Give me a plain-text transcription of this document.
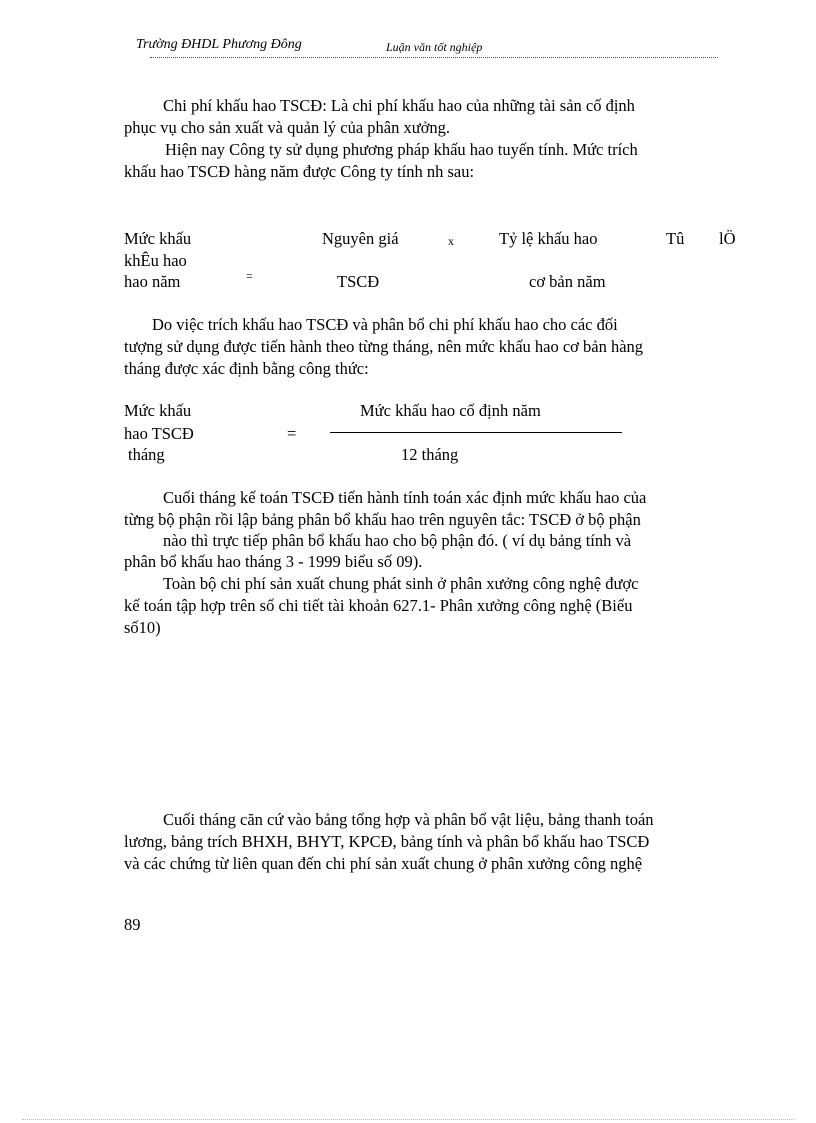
Trường ĐHDL Phương Đông	Luận văn tốt nghiệp
Chi phí khấu hao TSCĐ: Là chi phí khấu hao của những tài sản cố định
phục vụ cho sản xuất và quản lý của phân xưởng.
Hiện nay Công ty sử dụng phương pháp khấu hao tuyến tính. Mức trích
khấu hao TSCĐ hàng năm được Công ty tính nh sau:
Mức khấu
khÊu hao
hao năm	=
Nguyên giá
TSCĐ
x	Tỷ lệ khấu hao
cơ bản năm
Tû lÖ
Do việc trích khấu hao TSCĐ và phân bổ chi phí khấu hao cho các đối
tượng sử dụng được tiến hành theo từng tháng, nên mức khấu hao cơ bản hàng
tháng được xác định bằng công thức:
Mức khấu
hao TSCĐ
tháng
=
Mức khấu hao cố định năm
12 tháng
Cuối tháng kế toán TSCĐ tiến hành tính toán xác định mức khấu hao của
từng bộ phận rồi lập bảng phân bổ khấu hao trên nguyên tắc: TSCĐ ở bộ phận
nào thì trực tiếp phân bổ khấu hao cho bộ phận đó. ( ví dụ bảng tính và
phân bổ khấu hao tháng 3 - 1999 biểu số 09).
Toàn bộ chi phí sản xuất chung phát sinh ở phân xưởng công nghệ được
kế toán tập hợp trên sổ chi tiết tài khoản 627.1- Phân xưởng công nghệ (Biểu
số10)
Cuối tháng căn cứ vào bảng tổng hợp và phân bổ vật liệu, bảng thanh toán
lương, bảng trích BHXH, BHYT, KPCĐ, bảng tính và phân bổ khấu hao TSCĐ
và các chứng từ liên quan đến chi phí sản xuất chung ở phân xưởng công nghệ
89
